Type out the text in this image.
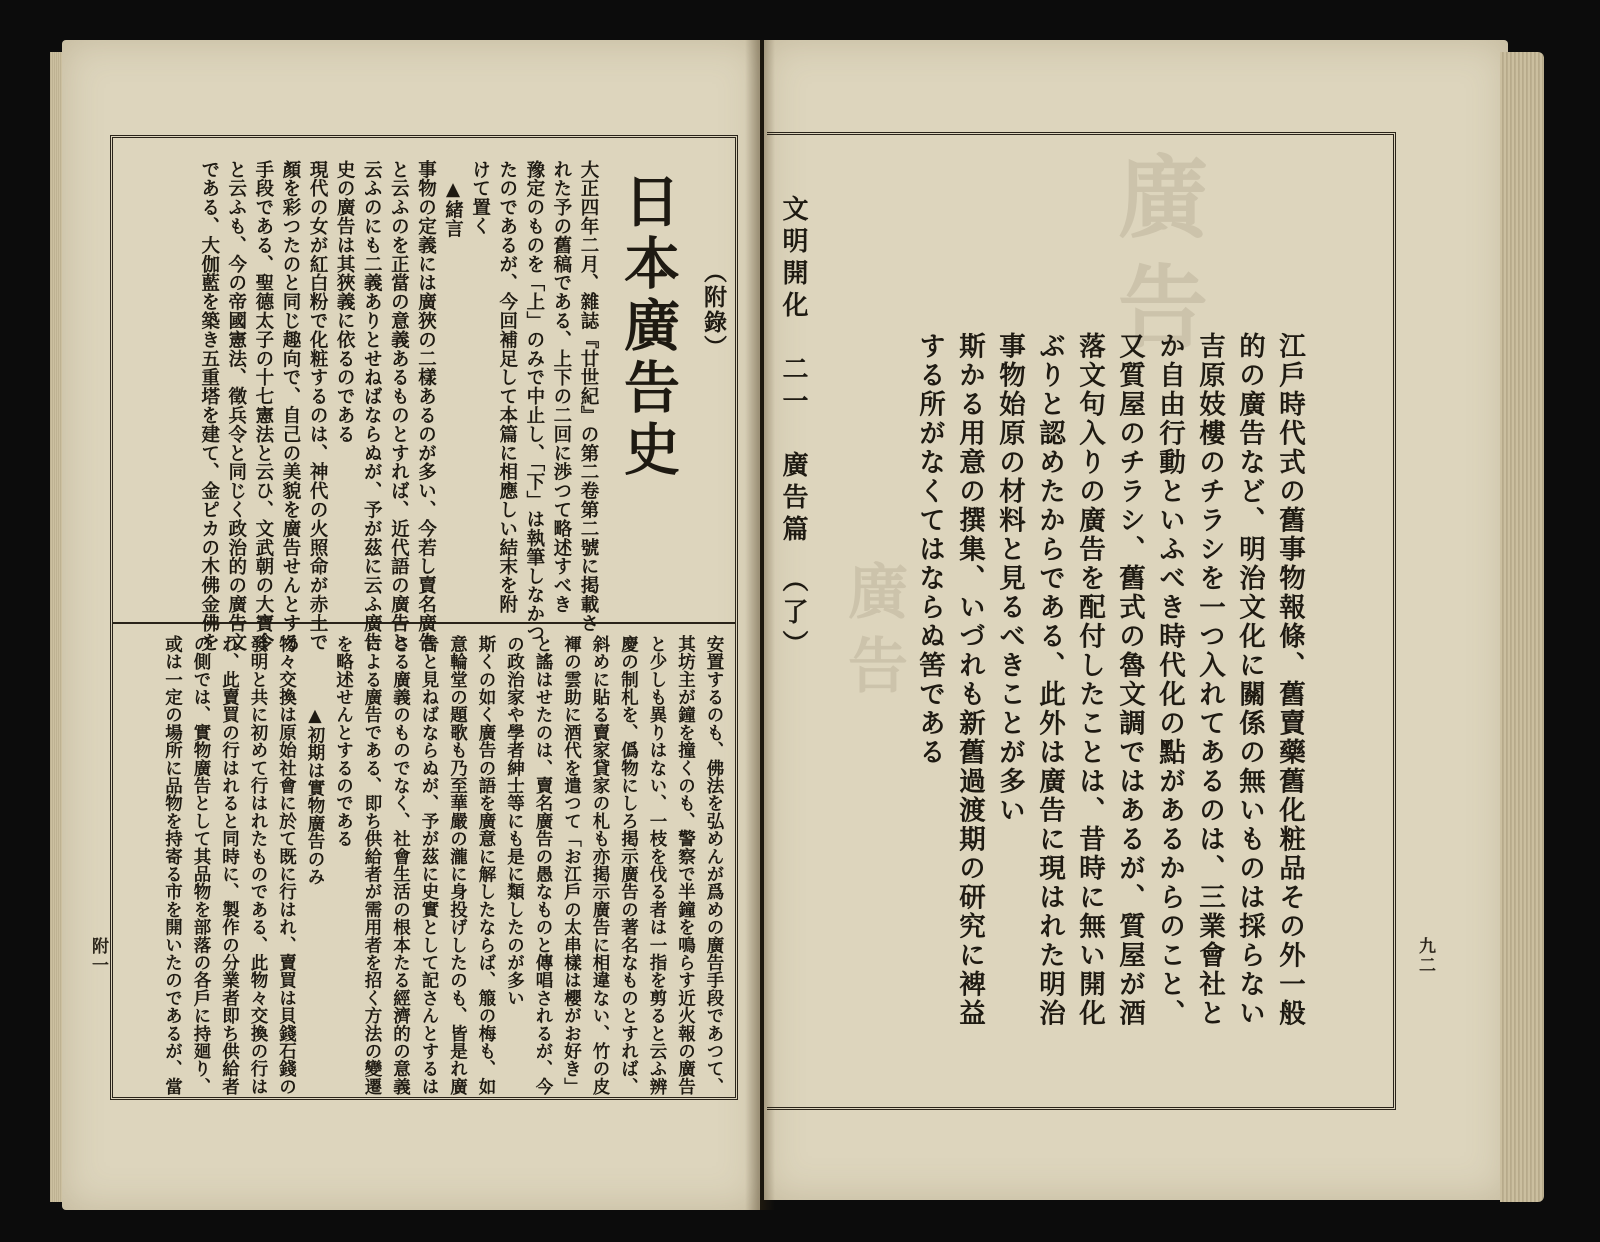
廣告
廣告
（附錄）
日本廣告史
大正四年二月、雜誌『廿世紀』の第二卷第二號に掲載さ
れた予の舊稿である、上下の二回に渉つて略述すべき
豫定のものを「上」のみで中止し、「下」は執筆しなかつ
たのであるが、今回補足して本篇に相應しい結末を附
けて置く
　▲緒言
事物の定義には廣狹の二樣あるのが多い、今若し賣名廣告
と云ふのを正當の意義あるものとすれば、近代語の廣告と
云ふのにも二義ありとせねばならぬが、予が茲に云ふ廣告
史の廣告は其狹義に依るのである
現代の女が紅白粉で化粧するのは、神代の火照命が赤土で
顏を彩つたのと同じ趣向で、自己の美貌を廣告せんとする
手段である、聖德太子の十七憲法と云ひ、文武朝の大寶令
と云ふも、今の帝國憲法、徵兵令と同じく政治的の廣告文
である、大伽藍を築き五重塔を建て、金ピカの木佛金佛を
安置するのも、佛法を弘めんが爲めの廣告手段であつて、
其坊主が鐘を撞くのも、警察で半鐘を鳴らす近火報の廣告
と少しも異りはない、一枝を伐る者は一指を剪ると云ふ辨
慶の制札を、僞物にしろ掲示廣告の著名なものとすれば、
斜めに貼る賣家貸家の札も亦掲示廣告に相違ない、竹の皮
褌の雲助に酒代を遣つて「お江戶の太串樣は櫻がお好き」
と謠はせたのは、賣名廣告の愚なものと傳唱されるが、今
の政治家や學者紳士等にも是に類したのが多い
斯くの如く廣告の語を廣意に解したならば、箙の梅も、如
意輪堂の題歌も乃至華嚴の瀧に身投げしたのも、皆是れ廣
告と見ねばならぬが、予が茲に史實として記さんとするは
さる廣義のものでなく、社會生活の根本たる經濟的の意義
による廣告である、即ち供給者が需用者を招く方法の變遷
を略述せんとするのである
　　　　▲初期は實物廣告のみ
物々交換は原始社會に於て既に行はれ、賣買は貝錢石錢の
發明と共に初めて行はれたものである、此物々交換の行は
れ、此賣買の行はれると同時に、製作の分業者即ち供給者
の側では、實物廣告として其品物を部落の各戶に持廻り、
或は一定の場所に品物を持寄る市を開いたのであるが、當
附一
文明開化　二一　廣告篇　（了）	江戶時代式の舊事物報條、舊賣藥舊化粧品その外一般
的の廣告など、明治文化に關係の無いものは採らない
吉原妓樓のチラシを一つ入れてあるのは、三業會社と
か自由行動といふべき時代化の點があるからのこと、
又質屋のチラシ、舊式の魯文調ではあるが、質屋が酒
落文句入りの廣告を配付したことは、昔時に無い開化
ぶりと認めたからである、此外は廣告に現はれた明治
事物始原の材料と見るべきことが多い
斯かる用意の撰集、いづれも新舊過渡期の研究に裨益
する所がなくてはならぬ筈である
九二
